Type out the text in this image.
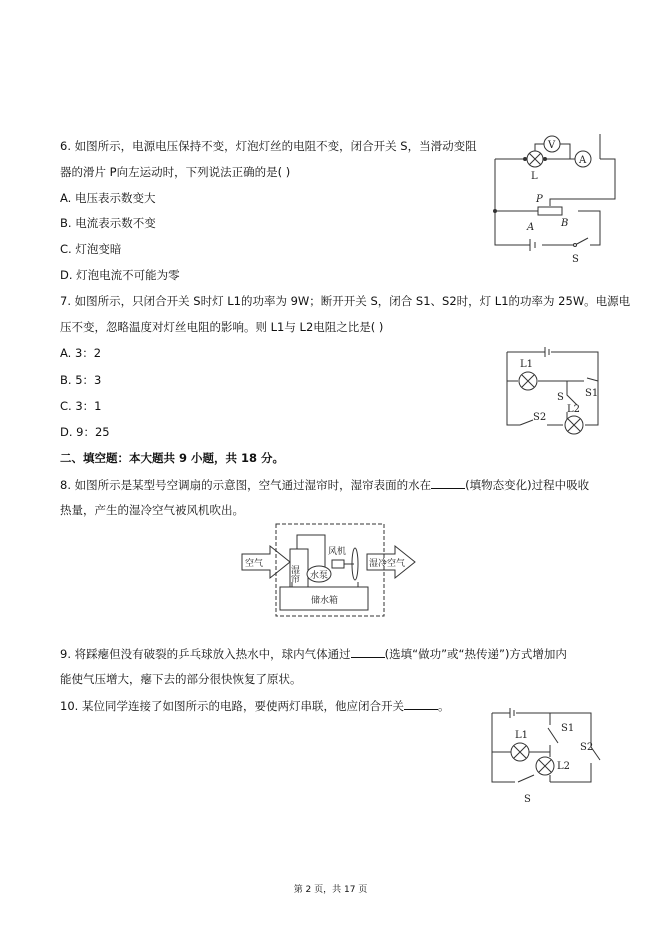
6. 如图所示，电源电压保持不变，灯泡灯丝的电阻不变，闭合开关 S，当滑动变阻
器的滑片 P向左运动时，下列说法正确的是( )
A. 电压表示数变大
B. 电流表示数不变
C. 灯泡变暗
D. 灯泡电流不可能为零
V
A
L
P
A	B
S
7. 如图所示，只闭合开关 S时灯 L1的功率为 9W；断开开关 S，闭合 S1、S2时，灯 L1的功率为 25W。电源电
压不变，忽略温度对灯丝电阻的影响。则 L1与 L2电阻之比是( )
A. 3：2
B. 5：3
C. 3：1
D. 9：25
L1
L2
S S1
S2
二、填空题：本大题共 9 小题，共 18 分。
8. 如图所示是某型号空调扇的示意图，空气通过湿帘时，湿帘表面的水在	(填物态变化)过程中吸收
热量，产生的湿冷空气被风机吹出。
空气
湿帘
风机
水泵
储水箱
湿冷空气
9. 将踩瘪但没有破裂的乒乓球放入热水中，球内气体通过	(选填“做功”或“热传递”)方式增加内
能使气压增大，瘪下去的部分很快恢复了原状。
10. 某位同学连接了如图所示的电路，要使两灯串联，他应闭合开关	。
L1
L2
S
S1
S2
第 2 页，共 17 页
